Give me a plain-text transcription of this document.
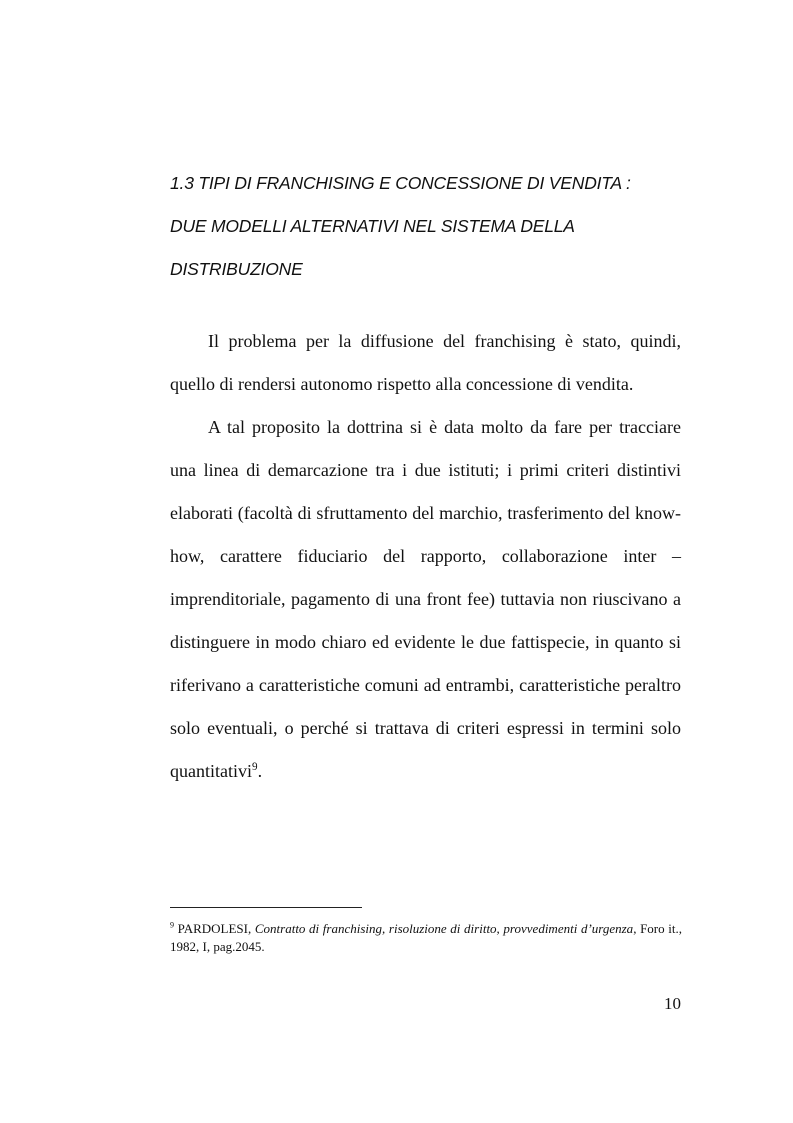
1.3 TIPI DI FRANCHISING E CONCESSIONE DI VENDITA :
DUE MODELLI ALTERNATIVI NEL SISTEMA DELLA
DISTRIBUZIONE

Il problema per la diffusione del franchising è stato, quindi, quello di rendersi autonomo rispetto alla concessione di vendita.

A tal proposito la dottrina si è data molto da fare per tracciare una linea di demarcazione tra i due istituti; i primi criteri distintivi elaborati (facoltà di sfruttamento del marchio, trasferimento del know-how, carattere fiduciario del rapporto, collaborazione inter – imprenditoriale, pagamento di una front fee) tuttavia non riuscivano a distinguere in modo chiaro ed evidente le due fattispecie, in quanto si riferivano a caratteristiche comuni ad entrambi, caratteristiche peraltro solo eventuali, o perché si trattava di criteri espressi in termini solo quantitativi$^9$.

$^9$ PARDOLESI, Contratto di franchising, risoluzione di diritto, provvedimenti d’urgenza, Foro it., 1982, I, pag.2045.
10
